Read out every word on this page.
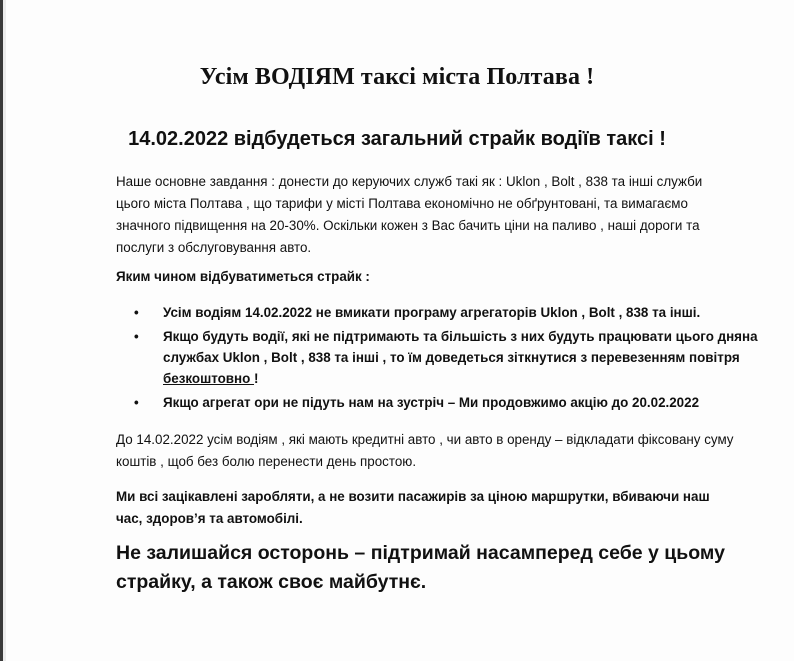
Усім ВОДІЯМ таксі міста Полтава !
14.02.2022 відбудеться загальний страйк водіїв таксі !
Наше основне завдання : донести до керуючих служб такі як : Uklon , Bolt , 838 та інші служби цього міста Полтава , що тарифи у місті Полтава економічно не обґрунтовані, та вимагаємо значного підвищення на 20-30%. Оскільки кожен з Вас бачить ціни на паливо , наші дороги та послуги з обслуговування авто.
Яким чином відбуватиметься страйк :
• Усім водіям 14.02.2022 не вмикати програму агрегаторів Uklon , Bolt , 838 та інші.
• Якщо будуть водії, які не підтримають та більшість з них будуть працювати цього дняна службах Uklon , Bolt , 838 та інші , то їм доведеться зіткнутися з перевезенням повітря безкоштовно !
• Якщо агрегат ори не підуть нам на зустріч – Ми продовжимо акцію до 20.02.2022
До 14.02.2022 усім водіям , які мають кредитні авто , чи авто в оренду – відкладати фіксовану суму коштів , щоб без болю перенести день простою.
Ми всі зацікавлені заробляти, а не возити пасажирів за ціною маршрутки, вбиваючи наш час, здоров’я та автомобілі.
Не залишайся осторонь – підтримай насамперед себе у цьому страйку, а також своє майбутнє.
